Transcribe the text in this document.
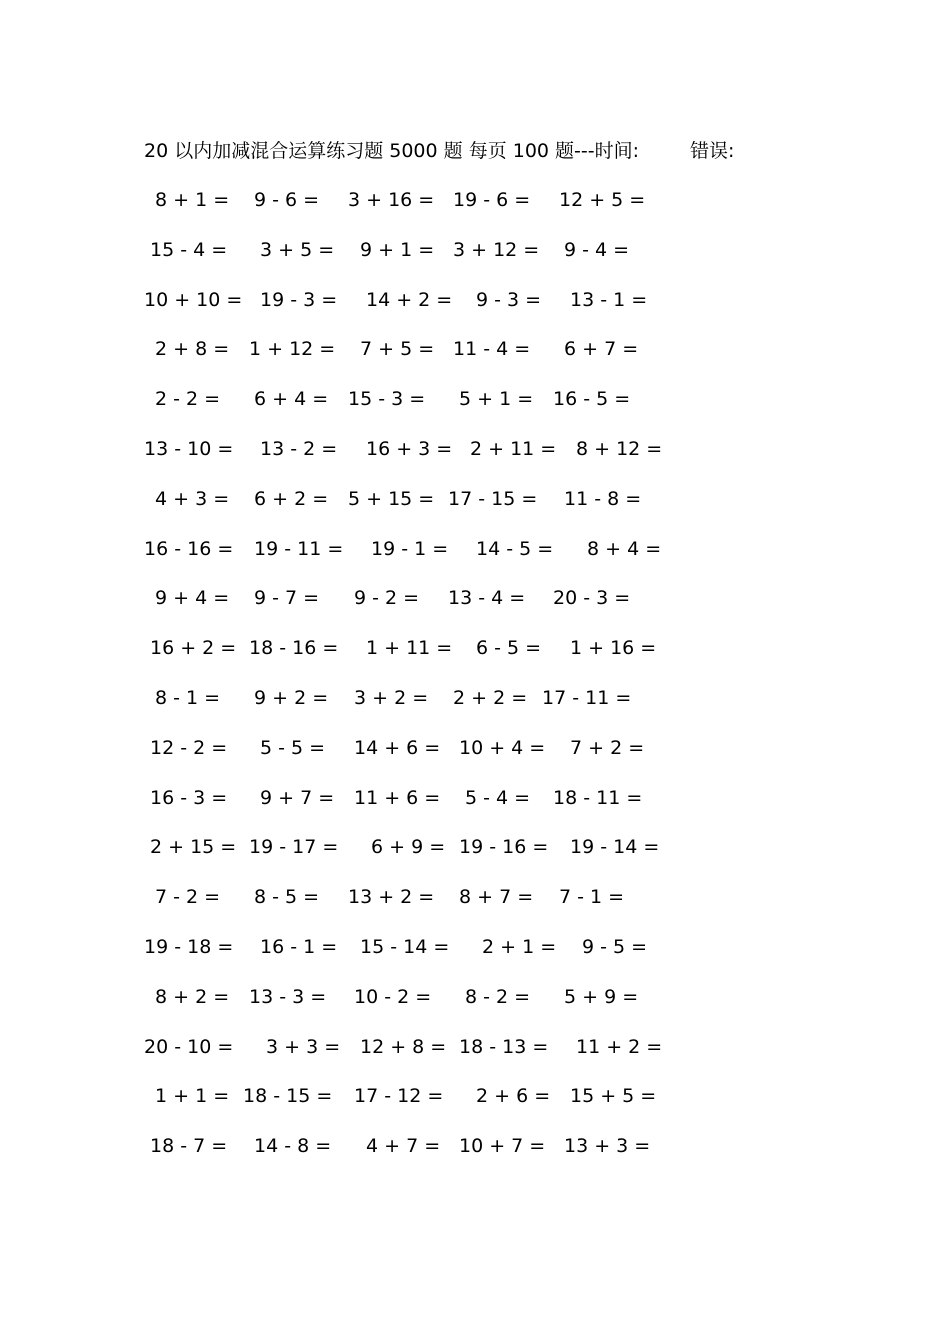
20 以内加减混合运算练习题 5000 题 每页 100 题---时间:	错误:
8 + 1 = 9 - 6 = 3 + 16 = 19 - 6 = 12 + 5 =
15 - 4 = 3 + 5 = 9 + 1 = 3 + 12 = 9 - 4 =
10 + 10 = 19 - 3 = 14 + 2 = 9 - 3 = 13 - 1 =
2 + 8 = 1 + 12 = 7 + 5 = 11 - 4 = 6 + 7 =
2 - 2 = 6 + 4 = 15 - 3 = 5 + 1 = 16 - 5 =
13 - 10 = 13 - 2 = 16 + 3 = 2 + 11 = 8 + 12 =
4 + 3 = 6 + 2 = 5 + 15 = 17 - 15 = 11 - 8 =
16 - 16 = 19 - 11 = 19 - 1 = 14 - 5 = 8 + 4 =
9 + 4 = 9 - 7 = 9 - 2 = 13 - 4 = 20 - 3 =
16 + 2 = 18 - 16 = 1 + 11 = 6 - 5 = 1 + 16 =
8 - 1 = 9 + 2 = 3 + 2 = 2 + 2 = 17 - 11 =
12 - 2 = 5 - 5 = 14 + 6 = 10 + 4 = 7 + 2 =
16 - 3 = 9 + 7 = 11 + 6 = 5 - 4 = 18 - 11 =
2 + 15 = 19 - 17 = 6 + 9 = 19 - 16 = 19 - 14 =
7 - 2 = 8 - 5 = 13 + 2 = 8 + 7 = 7 - 1 =
19 - 18 = 16 - 1 = 15 - 14 = 2 + 1 = 9 - 5 =
8 + 2 = 13 - 3 = 10 - 2 = 8 - 2 = 5 + 9 =
20 - 10 = 3 + 3 = 12 + 8 = 18 - 13 = 11 + 2 =
1 + 1 = 18 - 15 = 17 - 12 = 2 + 6 = 15 + 5 =
18 - 7 = 14 - 8 = 4 + 7 = 10 + 7 = 13 + 3 =
